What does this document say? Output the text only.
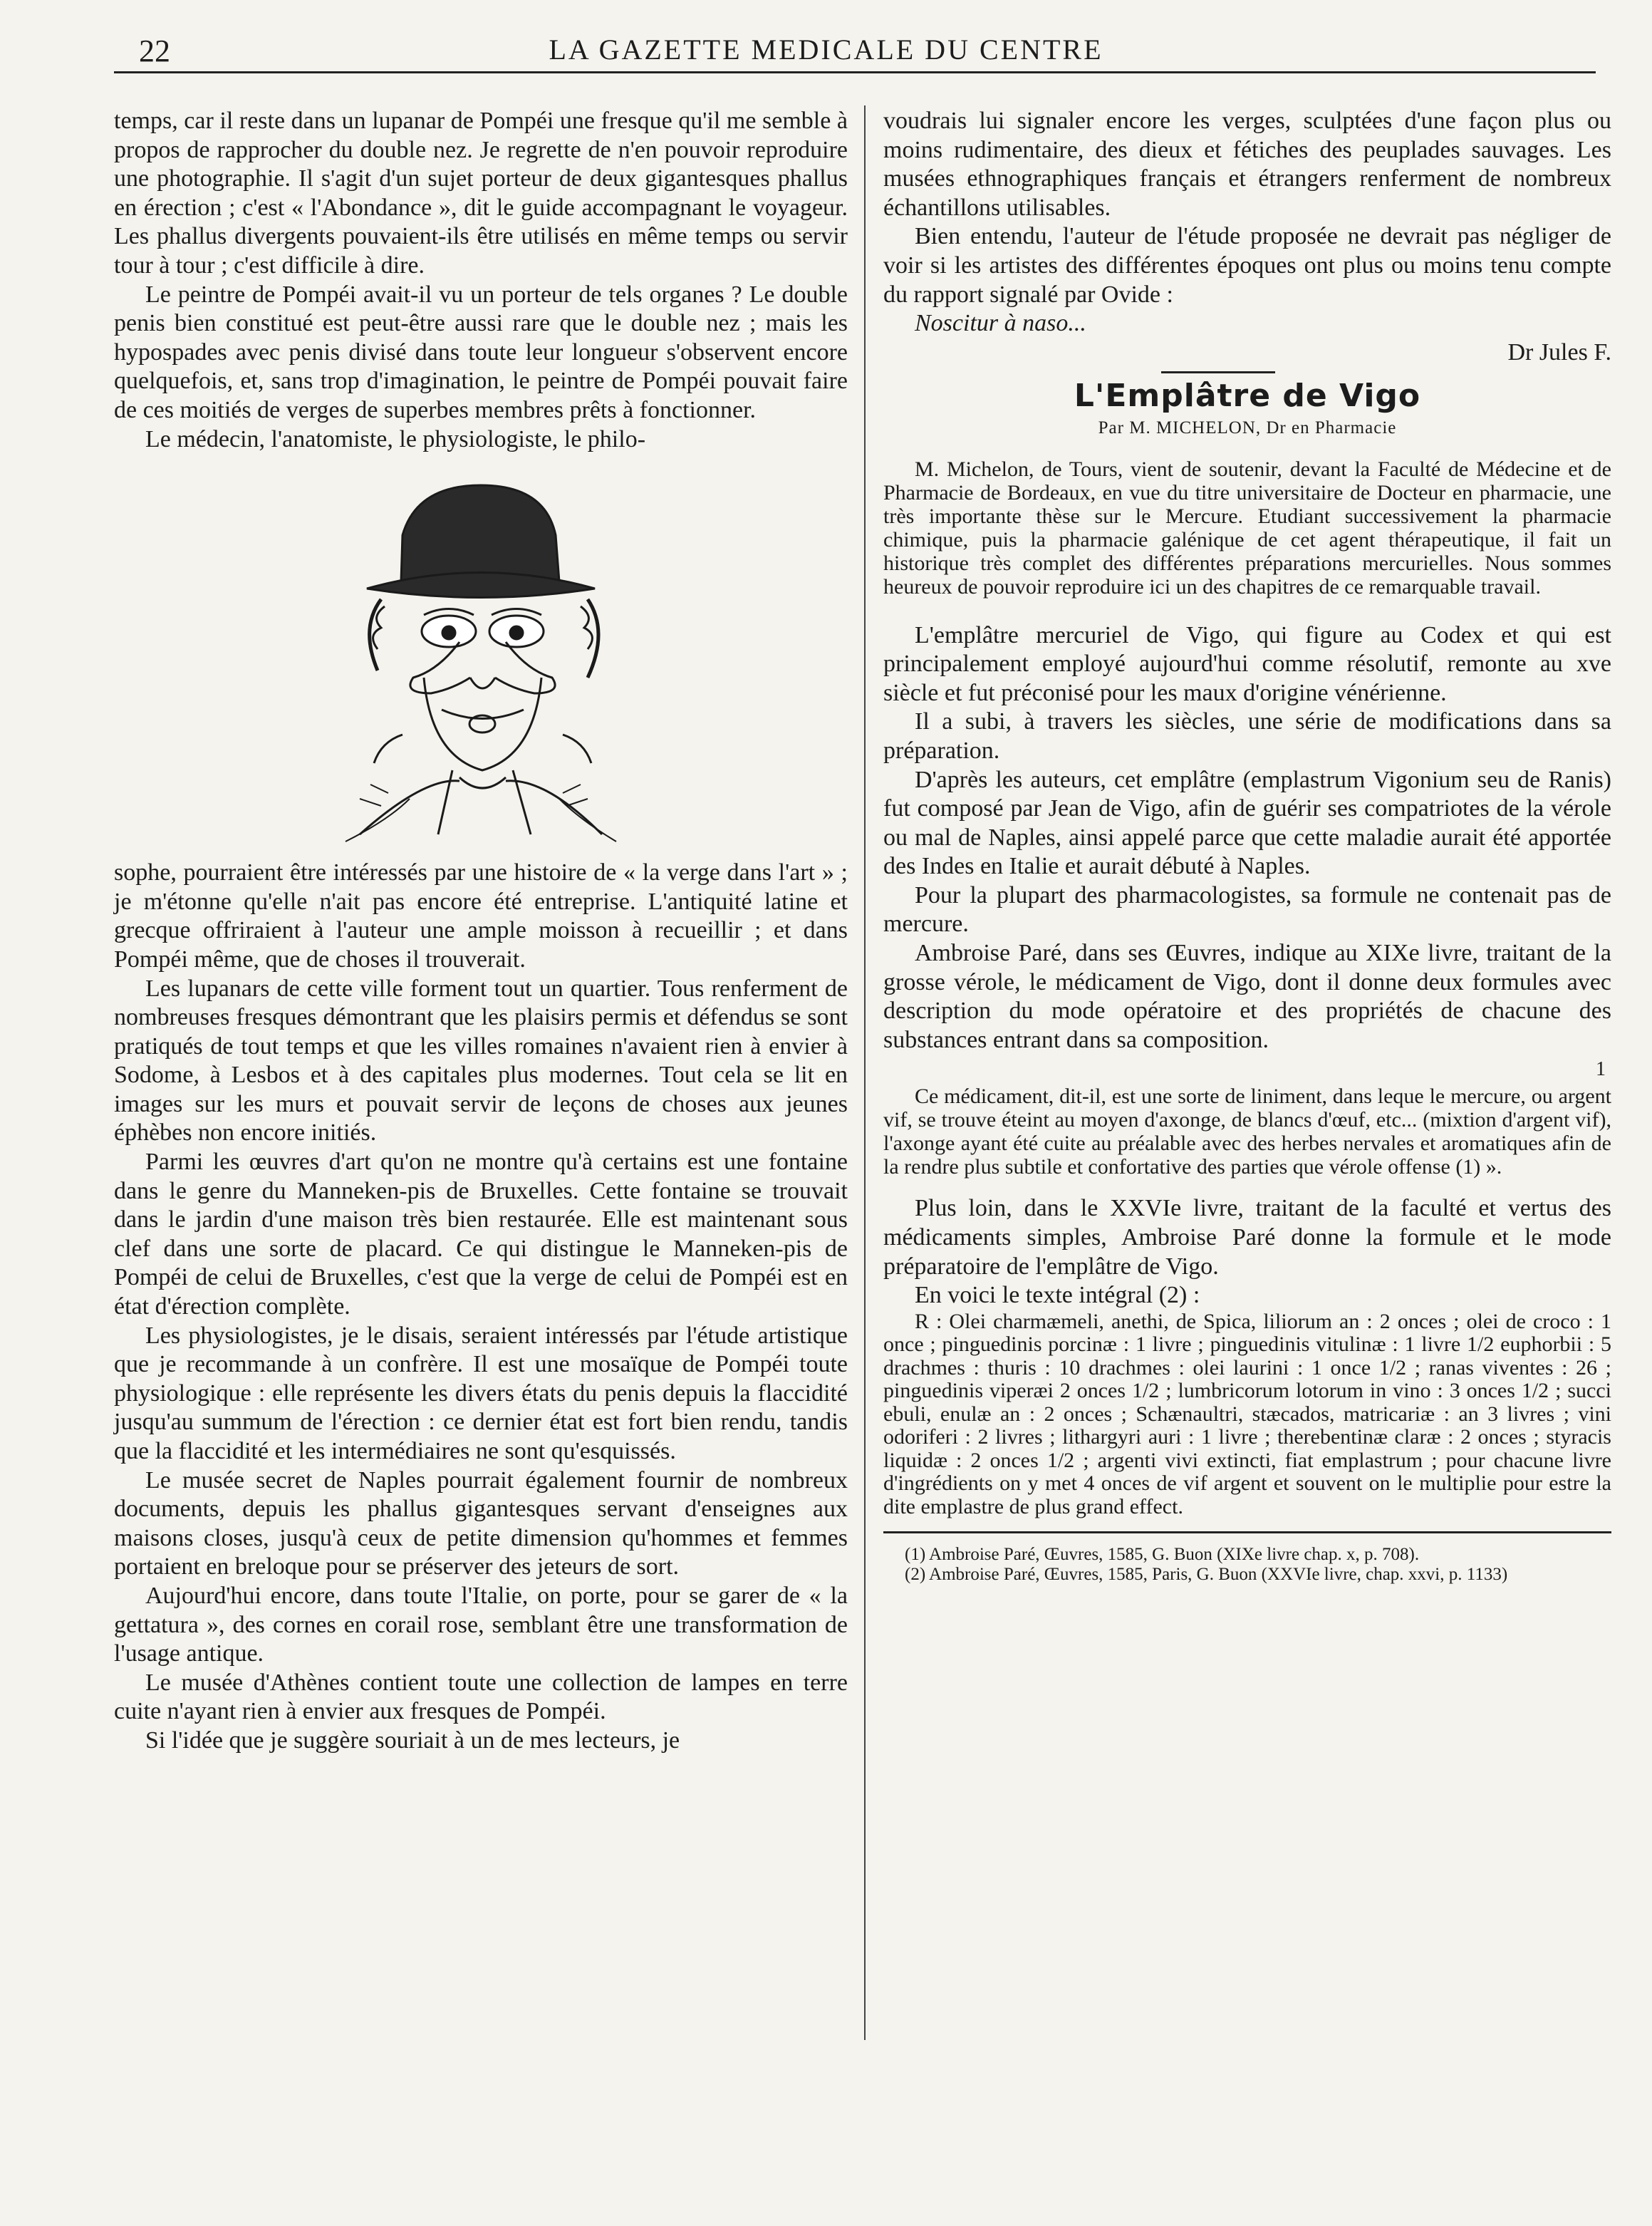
22	LA GAZETTE MEDICALE DU CENTRE

temps, car il reste dans un lupanar de Pompéi une fresque qu'il me semble à propos de rapprocher du double nez. Je regrette de n'en pouvoir reproduire une photographie. Il s'agit d'un sujet porteur de deux gigantesques phallus en érection ; c'est « l'Abondance », dit le guide accompagnant le voyageur. Les phallus divergents pouvaient-ils être utilisés en même temps ou servir tour à tour ; c'est difficile à dire.

Le peintre de Pompéi avait-il vu un porteur de tels organes ? Le double penis bien constitué est peut-être aussi rare que le double nez ; mais les hypospades avec penis divisé dans toute leur longueur s'observent encore quelquefois, et, sans trop d'imagination, le peintre de Pompéi pouvait faire de ces moitiés de verges de superbes membres prêts à fonctionner.

Le médecin, l'anatomiste, le physiologiste, le philo-

sophe, pourraient être intéressés par une histoire de « la verge dans l'art » ; je m'étonne qu'elle n'ait pas encore été entreprise. L'antiquité latine et grecque offriraient à l'auteur une ample moisson à recueillir ; et dans Pompéi même, que de choses il trouverait.

Les lupanars de cette ville forment tout un quartier. Tous renferment de nombreuses fresques démontrant que les plaisirs permis et défendus se sont pratiqués de tout temps et que les villes romaines n'avaient rien à envier à Sodome, à Lesbos et à des capitales plus modernes. Tout cela se lit en images sur les murs et pouvait servir de leçons de choses aux jeunes éphèbes non encore initiés.

Parmi les œuvres d'art qu'on ne montre qu'à certains est une fontaine dans le genre du Manneken-pis de Bruxelles. Cette fontaine se trouvait dans le jardin d'une maison très bien restaurée. Elle est maintenant sous clef dans une sorte de placard. Ce qui distingue le Manneken-pis de Pompéi de celui de Bruxelles, c'est que la verge de celui de Pompéi est en état d'érection complète.

Les physiologistes, je le disais, seraient intéressés par l'étude artistique que je recommande à un confrère. Il est une mosaïque de Pompéi toute physiologique : elle représente les divers états du penis depuis la flaccidité jusqu'au summum de l'érection : ce dernier état est fort bien rendu, tandis que la flaccidité et les intermédiaires ne sont qu'esquissés.

Le musée secret de Naples pourrait également fournir de nombreux documents, depuis les phallus gigantesques servant d'enseignes aux maisons closes, jusqu'à ceux de petite dimension qu'hommes et femmes portaient en breloque pour se préserver des jeteurs de sort.

Aujourd'hui encore, dans toute l'Italie, on porte, pour se garer de « la gettatura », des cornes en corail rose, semblant être une transformation de l'usage antique.

Le musée d'Athènes contient toute une collection de lampes en terre cuite n'ayant rien à envier aux fresques de Pompéi.

Si l'idée que je suggère souriait à un de mes lecteurs, je

voudrais lui signaler encore les verges, sculptées d'une façon plus ou moins rudimentaire, des dieux et fétiches des peuplades sauvages. Les musées ethnographiques français et étrangers renferment de nombreux échantillons utilisables.

Bien entendu, l'auteur de l'étude proposée ne devrait pas négliger de voir si les artistes des différentes époques ont plus ou moins tenu compte du rapport signalé par Ovide :

Noscitur à naso...

Dr Jules F.

L'Emplâtre de Vigo
Par M. MICHELON, Dr en Pharmacie

M. Michelon, de Tours, vient de soutenir, devant la Faculté de Médecine et de Pharmacie de Bordeaux, en vue du titre universitaire de Docteur en pharmacie, une très importante thèse sur le Mercure. Etudiant successivement la pharmacie chimique, puis la pharmacie galénique de cet agent thérapeutique, il fait un historique très complet des différentes préparations mercurielles. Nous sommes heureux de pouvoir reproduire ici un des chapitres de ce remarquable travail.

L'emplâtre mercuriel de Vigo, qui figure au Codex et qui est principalement employé aujourd'hui comme résolutif, remonte au xve siècle et fut préconisé pour les maux d'origine vénérienne.

Il a subi, à travers les siècles, une série de modifications dans sa préparation.

D'après les auteurs, cet emplâtre (emplastrum Vigonium seu de Ranis) fut composé par Jean de Vigo, afin de guérir ses compatriotes de la vérole ou mal de Naples, ainsi appelé parce que cette maladie aurait été apportée des Indes en Italie et aurait débuté à Naples.

Pour la plupart des pharmacologistes, sa formule ne contenait pas de mercure.

Ambroise Paré, dans ses Œuvres, indique au XIXe livre, traitant de la grosse vérole, le médicament de Vigo, dont il donne deux formules avec description du mode opératoire et des propriétés de chacune des substances entrant dans sa composition.

1

Ce médicament, dit-il, est une sorte de liniment, dans leque le mercure, ou argent vif, se trouve éteint au moyen d'axonge, de blancs d'œuf, etc... (mixtion d'argent vif), l'axonge ayant été cuite au préalable avec des herbes nervales et aromatiques afin de la rendre plus subtile et confortative des parties que vérole offense (1) ».

Plus loin, dans le XXVIe livre, traitant de la faculté et vertus des médicaments simples, Ambroise Paré donne la formule et le mode préparatoire de l'emplâtre de Vigo.

En voici le texte intégral (2) :

R : Olei charmæmeli, anethi, de Spica, liliorum an : 2 onces ; olei de croco : 1 once ; pinguedinis porcinæ : 1 livre ; pinguedinis vitulinæ : 1 livre 1/2 euphorbii : 5 drachmes : thuris : 10 drachmes : olei laurini : 1 once 1/2 ; ranas viventes : 26 ; pinguedinis viperæi 2 onces 1/2 ; lumbricorum lotorum in vino : 3 onces 1/2 ; succi ebuli, enulæ an : 2 onces ; Schænaultri, stæcados, matricariæ : an 3 livres ; vini odoriferi : 2 livres ; lithargyri auri : 1 livre ; therebentinæ claræ : 2 onces ; styracis liquidæ : 2 onces 1/2 ; argenti vivi extincti, fiat emplastrum ; pour chacune livre d'ingrédients on y met 4 onces de vif argent et souvent on le multiplie pour estre la dite emplastre de plus grand effect.

(1) Ambroise Paré, Œuvres, 1585, G. Buon (XIXe livre chap. x, p. 708).

(2) Ambroise Paré, Œuvres, 1585, Paris, G. Buon (XXVIe livre, chap. xxvi, p. 1133)
